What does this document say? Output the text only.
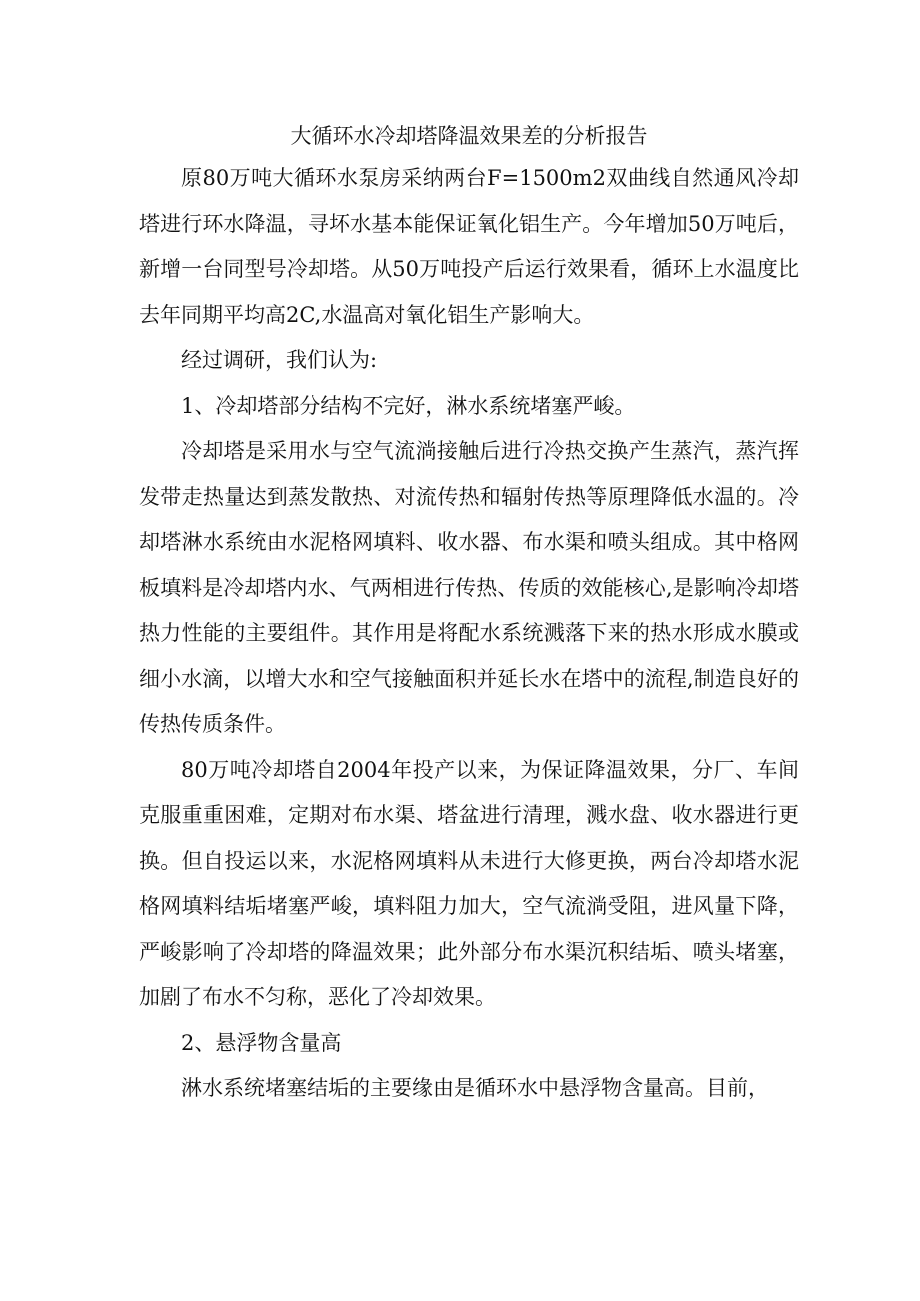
大循环水冷却塔降温效果差的分析报告

原80万吨大循环水泵房采纳两台F=1500m2双曲线自然通风冷却塔进行环水降温，寻坏水基本能保证氧化铝生产。今年增加50万吨后，新增一台同型号冷却塔。从50万吨投产后运行效果看，循环上水温度比去年同期平均高2C,水温高对氧化铝生产影响大。

经过调研，我们认为:

1、冷却塔部分结构不完好，淋水系统堵塞严峻。

冷却塔是采用水与空气流淌接触后进行冷热交换产生蒸汽，蒸汽挥发带走热量达到蒸发散热、对流传热和辐射传热等原理降低水温的。冷却塔淋水系统由水泥格网填料、收水器、布水渠和喷头组成。其中格网板填料是冷却塔内水、气两相进行传热、传质的效能核心,是影响冷却塔热力性能的主要组件。其作用是将配水系统溅落下来的热水形成水膜或细小水滴，以增大水和空气接触面积并延长水在塔中的流程,制造良好的传热传质条件。

80万吨冷却塔自2004年投产以来，为保证降温效果，分厂、车间克服重重困难，定期对布水渠、塔盆进行清理，溅水盘、收水器进行更换。但自投运以来，水泥格网填料从未进行大修更换，两台冷却塔水泥格网填料结垢堵塞严峻，填料阻力加大，空气流淌受阻，进风量下降，严峻影响了冷却塔的降温效果；此外部分布水渠沉积结垢、喷头堵塞，加剧了布水不匀称，恶化了冷却效果。

2、悬浮物含量高

淋水系统堵塞结垢的主要缘由是循环水中悬浮物含量高。目前，
